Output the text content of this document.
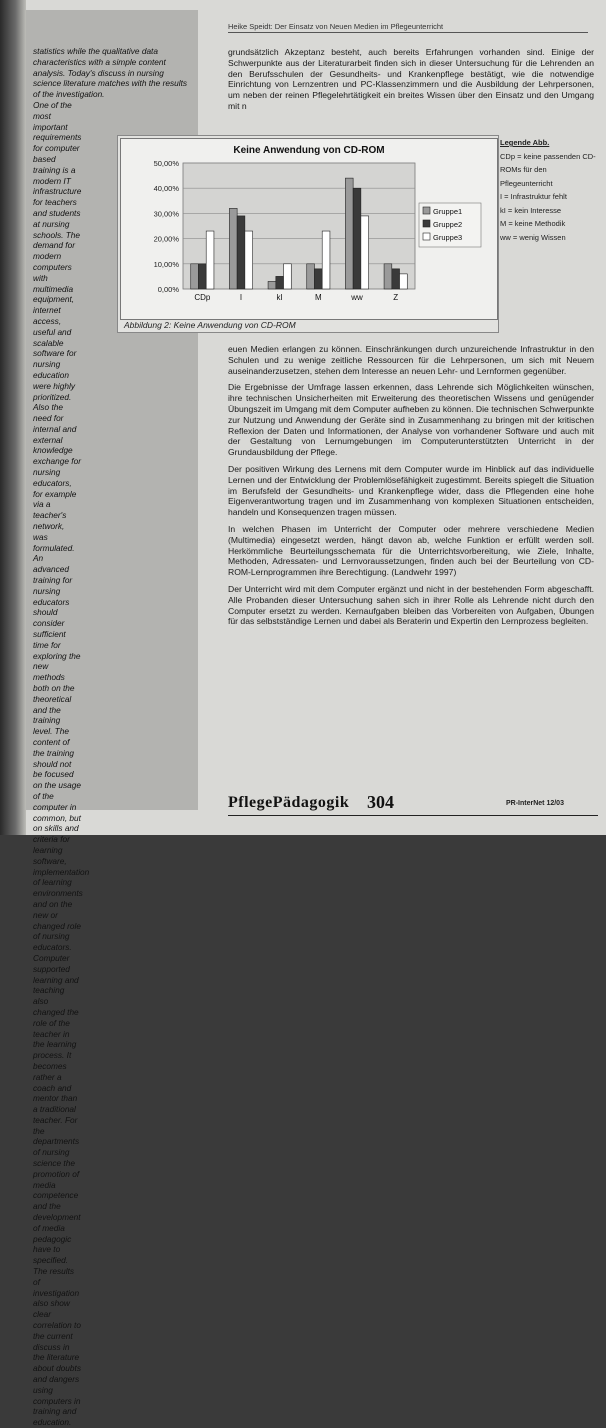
statistics while the qualitative data characteristics with a simple content analysis. Today's discuss in nursing science literature matches with the results of the investigation.

One of the most important requirements for computer based training is a modern IT infrastructure for teachers and students at nursing schools. The demand for modern computers with multimedia equipment, internet access, useful and scalable software for nursing education were highly prioritized. Also the need for internal and external knowledge exchange for nursing educators, for example via a teacher's network, was formulated. An advanced training for nursing educators should consider sufficient time for exploring the new methods both on the theoretical and the training level. The content of the training should not be focused on the usage of the computer in common, but on skills and criteria for learning software, implementation of learning environments and on the new or changed role of nursing educators. Computer supported learning and teaching also changed the role of the teacher in the learning process. It becomes rather a coach and mentor than a traditional teacher. For the departments of nursing science the promotion of media competence and the development of media pedagogic have to specified. The results of investigation also show clear correlation to the current discuss in the literature about doubts and dangers using computers in training and education.

Heike Speidt: Der Einsatz von Neuen Medien im Pflegeunterricht
grundsätzlich Akzeptanz besteht, auch bereits Erfahrungen vorhanden sind. Einige der Schwerpunkte aus der Literaturarbeit finden sich in dieser Untersuchung für die Lehrenden an den Berufsschulen der Gesundheits- und Krankenpflege bestätigt, wie die notwendige Einrichtung von Lernzentren und PC-Klassenzimmern und die Ausbildung der Lehrpersonen, um neben der reinen Pflegelehrtätigkeit ein breites Wissen über den Einsatz und den Umgang mit n
Keine Anwendung von CD-ROM
0,00%
10,00%
20,00%
30,00%
40,00%
50,00%
CDp	I	kI	M	ww	Z
Gruppe1
Gruppe2
Gruppe3
Abbildung 2: Keine Anwendung von CD-ROM
Legende Abb.
CDp = keine passenden CD-ROMs für den Pflegeunterricht
I = Infrastruktur fehlt
kI = kein Interesse
M = keine Methodik
ww = wenig Wissen

euen Medien erlangen zu können. Einschränkungen durch unzureichende Infrastruktur in den Schulen und zu wenige zeitliche Ressourcen für die Lehrpersonen, um sich mit Neuem auseinanderzusetzen, stehen dem Interesse an neuen Lehr- und Lernformen gegenüber.

Die Ergebnisse der Umfrage lassen erkennen, dass Lehrende sich Möglichkeiten wünschen, ihre technischen Unsicherheiten mit Erweiterung des theoretischen Wissens und genügender Übungszeit im Umgang mit dem Computer aufheben zu können. Die technischen Schwerpunkte zur Nutzung und Anwendung der Geräte sind in Zusammenhang zu bringen mit der kritischen Reflexion der Daten und Informationen, der Analyse von vorhandener Software und auch mit der Gestaltung von Lernumgebungen im Computerunterstützten Unterricht in der Grundausbildung der Pflege.

Der positiven Wirkung des Lernens mit dem Computer wurde im Hinblick auf das individuelle Lernen und der Entwicklung der Problemlösefähigkeit zugestimmt. Bereits spiegelt die Situation im Berufsfeld der Gesundheits- und Krankenpflege wider, dass die Pflegenden eine hohe Eigenverantwortung tragen und im Zusammenhang von komplexen Situationen entscheiden, handeln und Konsequenzen tragen müssen.

In welchen Phasen im Unterricht der Computer oder mehrere verschiedene Medien (Multimedia) eingesetzt werden, hängt davon ab, welche Funktion er erfüllt werden soll. Herkömmliche Beurteilungsschemata für die Unterrichtsvorbereitung, wie Ziele, Inhalte, Methoden, Adressaten- und Lernvoraussetzungen, finden auch bei der Beurteilung von CD-ROM-Lernprogrammen ihre Berechtigung. (Landwehr 1997)

Der Unterricht wird mit dem Computer ergänzt und nicht in der bestehenden Form abgeschafft. Alle Probanden dieser Untersuchung sahen sich in ihrer Rolle als Lehrende nicht durch den Computer ersetzt zu werden. Kernaufgaben bleiben das Vorbereiten von Aufgaben, Übungen für das selbstständige Lernen und dabei als Beraterin und Expertin den Lernprozess begleiten.

PflegePädagogik 304	PR-InterNet 12/03
